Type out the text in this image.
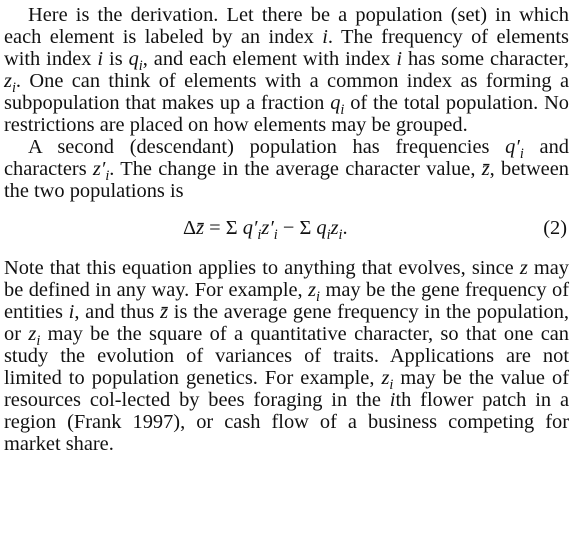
Here is the derivation. Let there be a population (set) in which each element is labeled by an index i. The frequency of elements with index i is $q_i$, and each element with index i has some character, $z_i$. One can think of elements with a common index as forming a subpopulation that makes up a fraction $q_i$ of the total population. No restrictions are placed on how elements may be grouped.

A second (descendant) population has frequencies $q'_i$ and characters $z'_i$. The change in the average character value, z̄, between the two populations is

Δz̄ = Σ $q'_iz'_i - \Sigma$ $q_iz_i$.	(2)

Note that this equation applies to anything that evolves, since z may be defined in any way. For example, $z_i$ may be the gene frequency of entities i, and thus z̄ is the average gene frequency in the population, or $z_i$ may be the square of a quantitative character, so that one can study the evolution of variances of traits. Applications are not limited to population genetics. For example, $z_i$ may be the value of resources col-lected by bees foraging in the ith flower patch in a region (Frank 1997), or cash flow of a business competing for market share.
